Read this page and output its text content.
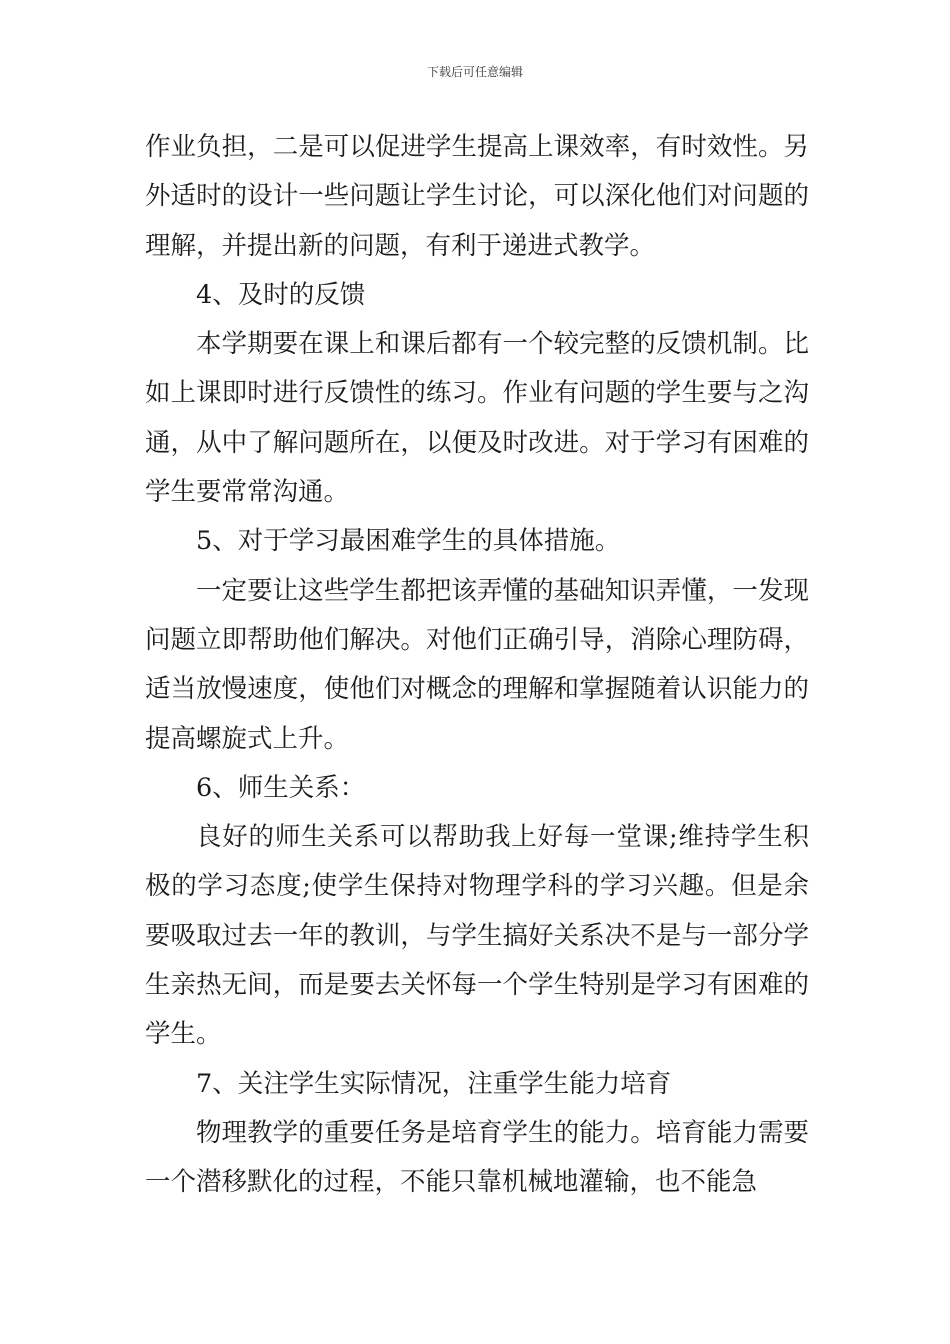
下载后可任意编辑

作业负担，二是可以促进学生提高上课效率，有时效性。另外适时的设计一些问题让学生讨论，可以深化他们对问题的理解，并提出新的问题，有利于递进式教学。

4、及时的反馈

本学期要在课上和课后都有一个较完整的反馈机制。比如上课即时进行反馈性的练习。作业有问题的学生要与之沟通，从中了解问题所在，以便及时改进。对于学习有困难的学生要常常沟通。

5、对于学习最困难学生的具体措施。

一定要让这些学生都把该弄懂的基础知识弄懂，一发现问题立即帮助他们解决。对他们正确引导，消除心理防碍，适当放慢速度，使他们对概念的理解和掌握随着认识能力的提高螺旋式上升。

6、师生关系：

良好的师生关系可以帮助我上好每一堂课;维持学生积极的学习态度;使学生保持对物理学科的学习兴趣。但是余要吸取过去一年的教训，与学生搞好关系决不是与一部分学生亲热无间，而是要去关怀每一个学生特别是学习有困难的学生。

7、关注学生实际情况，注重学生能力培育

物理教学的重要任务是培育学生的能力。培育能力需要一个潜移默化的过程，不能只靠机械地灌输，也不能急
